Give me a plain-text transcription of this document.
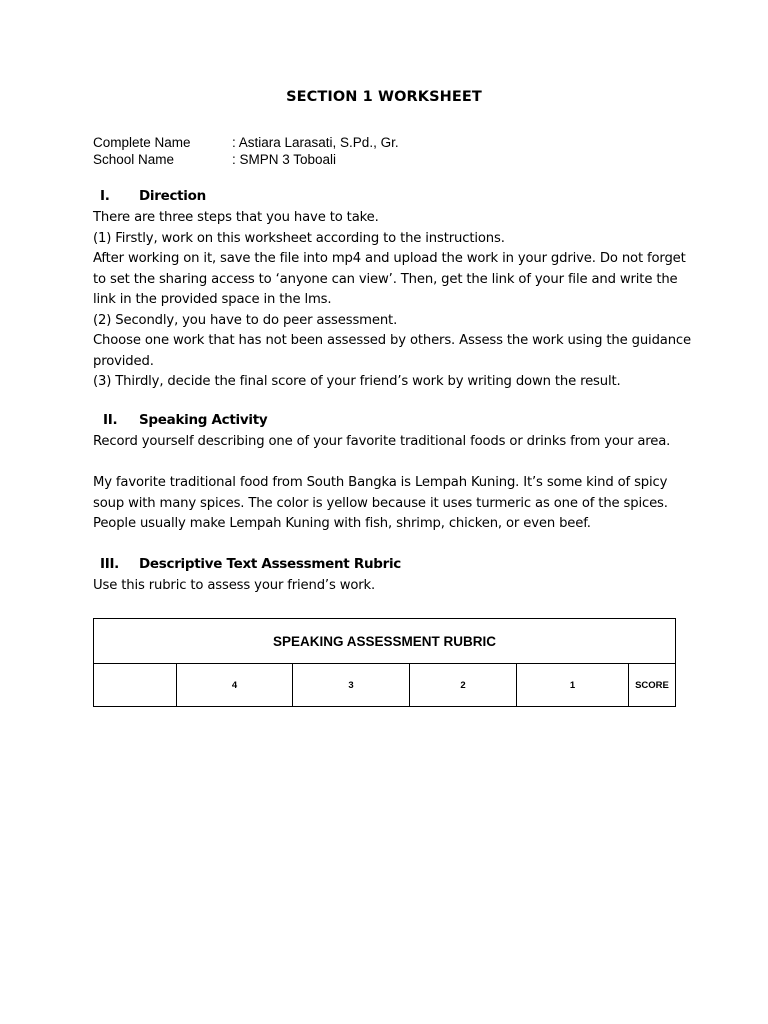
SECTION 1 WORKSHEET
Complete Name	: Astiara Larasati, S.Pd., Gr.
School Name	: SMPN 3 Toboali
I.	Direction
There are three steps that you have to take.
(1) Firstly, work on this worksheet according to the instructions.
After working on it, save the file into mp4 and upload the work in your gdrive. Do not forget
to set the sharing access to ‘anyone can view’. Then, get the link of your file and write the
link in the provided space in the lms.
(2) Secondly, you have to do peer assessment.
Choose one work that has not been assessed by others. Assess the work using the guidance
provided.
(3) Thirdly, decide the final score of your friend’s work by writing down the result.
II.	Speaking Activity
Record yourself describing one of your favorite traditional foods or drinks from your area.
My favorite traditional food from South Bangka is Lempah Kuning. It’s some kind of spicy
soup with many spices. The color is yellow because it uses turmeric as one of the spices.
People usually make Lempah Kuning with fish, shrimp, chicken, or even beef.
III. Descriptive Text Assessment Rubric
Use this rubric to assess your friend’s work.
SPEAKING ASSESSMENT RUBRIC
	4	3	2	1	SCORE
